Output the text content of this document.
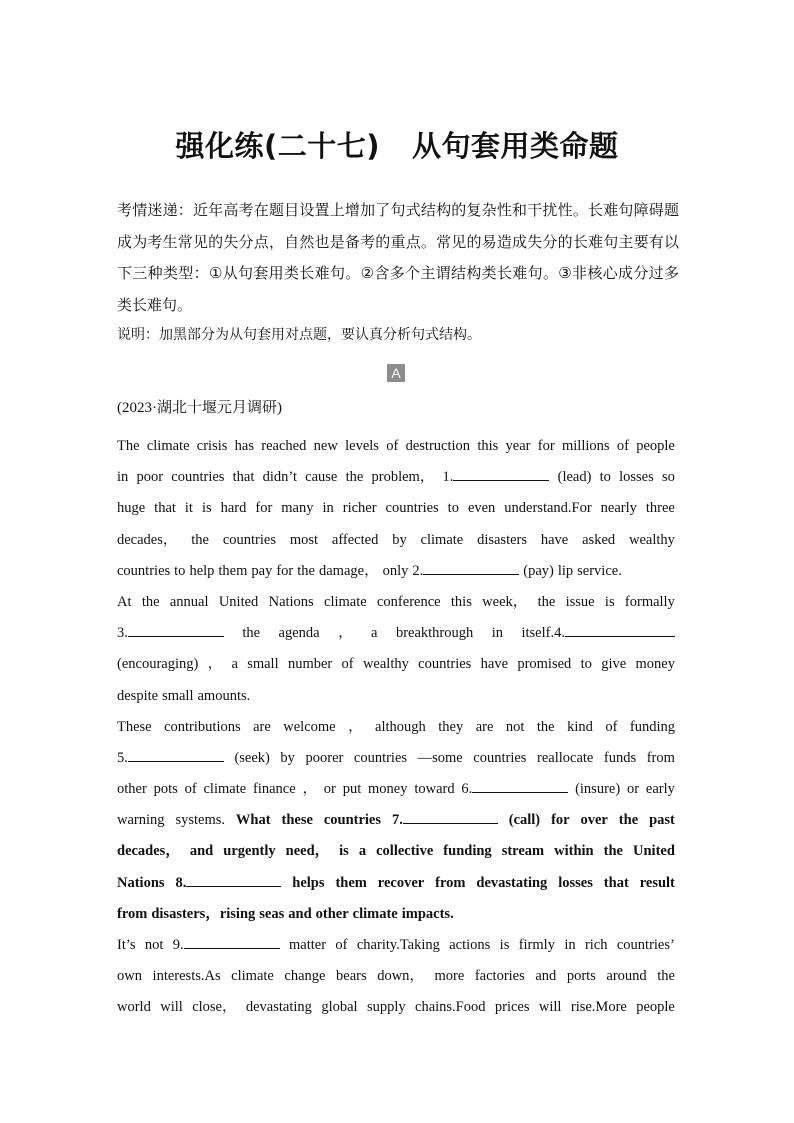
强化练(二十七) 从句套用类命题
考情迷递：近年高考在题目设置上增加了句式结构的复杂性和干扰性。长难句障碍题成为考生常见的失分点，自然也是备考的重点。常见的易造成失分的长难句主要有以下三种类型：①从句套用类长难句。②含多个主谓结构类长难句。③非核心成分过多类长难句。
说明：加黑部分为从句套用对点题，要认真分析句式结构。
A
(2023·湖北十堰元月调研)
The climate crisis has reached new levels of destruction this year for millions of people
in poor countries that didn’t cause the problem， 1.	(lead) to losses so
huge that it is hard for many in richer countries to even understand.For nearly three
decades， the countries most affected by climate disasters have asked wealthy
countries to help them pay for the damage， only 2.	(pay) lip service.
At the annual United Nations climate conference this week， the issue is formally
3.	the agenda ， a breakthrough in itself.4.
(encouraging) ， a small number of wealthy countries have promised to give money
despite small amounts.
These contributions are welcome ， although they are not the kind of funding
5.	(seek) by poorer countries —some countries reallocate funds from
other pots of climate finance ， or put money toward 6.	(insure) or early
warning systems. What these countries 7.	(call) for over the past
decades， and urgently need， is a collective funding stream within the United
Nations 8.	helps them recover from devastating losses that result
from disasters，rising seas and other climate impacts.
It’s not 9.	matter of charity.Taking actions is firmly in rich countries’
own interests.As climate change bears down， more factories and ports around the
world will close， devastating global supply chains.Food prices will rise.More people
